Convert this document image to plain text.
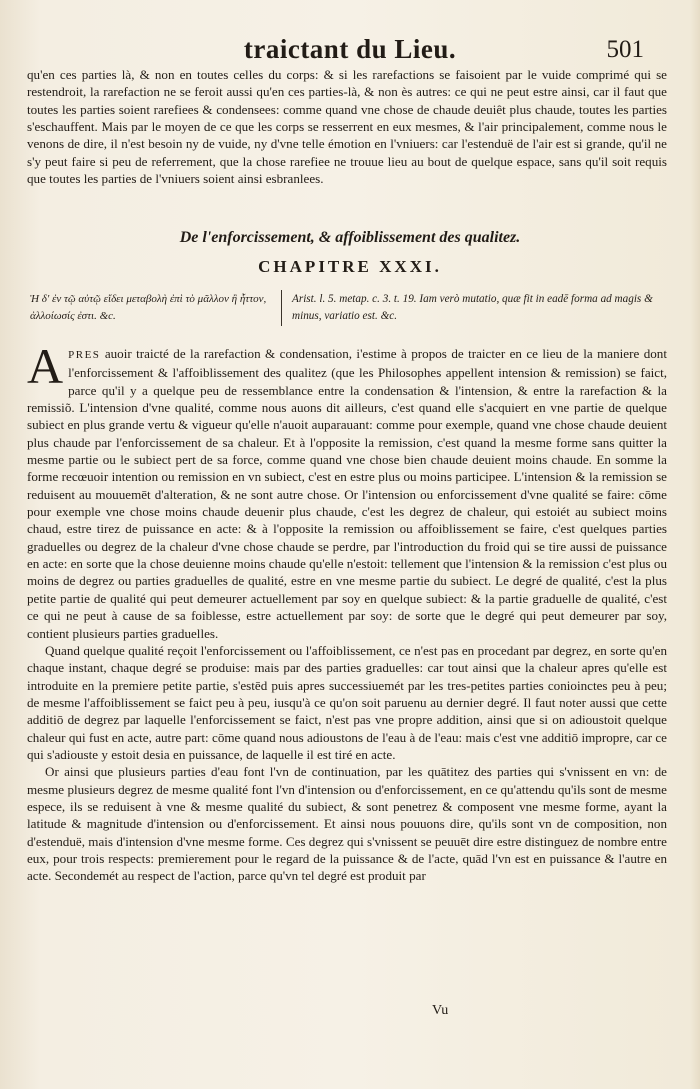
traictant du Lieu.	501

qu'en ces parties là, & non en toutes celles du corps: & si les rarefactions se faisoient par le vuide comprimé qui se restendroit, la rarefaction ne se feroit aussi qu'en ces parties-là, & non ès autres: ce qui ne peut estre ainsi, car il faut que toutes les parties soient rarefiees & condensees: comme quand vne chose de chaude deuiêt plus chaude, toutes les parties s'eschauffent. Mais par le moyen de ce que les corps se resserrent en eux mesmes, & l'air principalement, comme nous le venons de dire, il n'est besoin ny de vuide, ny d'vne telle émotion en l'vniuers: car l'estenduë de l'air est si grande, qu'il ne s'y peut faire si peu de referrement, que la chose rarefiee ne trouue lieu au bout de quelque espace, sans qu'il soit requis que toutes les parties de l'vniuers soient ainsi esbranlees.

De l'enforcissement, & affoiblissement des qualitez.
CHAPITRE XXXI.
Ἡ δ' ἐν τῷ αὐτῷ εἴδει μεταβολὴ ἐπὶ τὸ μᾶλλον ἢ ἧττον, ἀλλοίωσίς ἐστι. &c.
Arist. l. 5. metap. c. 3. t. 19. Iam verò mutatio, quæ fit in eadē forma ad magis & minus, variatio est. &c.

APRES auoir traicté de la rarefaction & condensation, i'estime à propos de traicter en ce lieu de la maniere dont l'enforcissement & l'affoiblissement des qualitez (que les Philosophes appellent intension & remission) se faict, parce qu'il y a quelque peu de ressemblance entre la condensation & l'intension, & entre la rarefaction & la remissiõ. L'intension d'vne qualité, comme nous auons dit ailleurs, c'est quand elle s'acquiert en vne partie de quelque subiect en plus grande vertu & vigueur qu'elle n'auoit auparauant: comme pour exemple, quand vne chose chaude deuient plus chaude par l'enforcissement de sa chaleur. Et à l'opposite la remission, c'est quand la mesme forme sans quitter la mesme partie ou le subiect pert de sa force, comme quand vne chose bien chaude deuient moins chaude. En somme la forme recœuoir intention ou remission en vn subiect, c'est en estre plus ou moins participee. L'intension & la remission se reduisent au mouuemēt d'alteration, & ne sont autre chose. Or l'intension ou enforcissement d'vne qualité se faire: cōme pour exemple vne chose moins chaude deuenir plus chaude, c'est les degrez de chaleur, qui estoiét au subiect moins chaud, estre tirez de puissance en acte: & à l'opposite la remission ou affoiblissement se faire, c'est quelques parties graduelles ou degrez de la chaleur d'vne chose chaude se perdre, par l'introduction du froid qui se tire aussi de puissance en acte: en sorte que la chose deuienne moins chaude qu'elle n'estoit: tellement que l'intension & la remission c'est plus ou moins de degrez ou parties graduelles de qualité, estre en vne mesme partie du subiect. Le degré de qualité, c'est la plus petite partie de qualité qui peut demeurer actuellement par soy en quelque subiect: & la partie graduelle de qualité, c'est ce qui ne peut à cause de sa foiblesse, estre actuellement par soy: de sorte que le degré qui peut demeurer par soy, contient plusieurs parties graduelles.

Quand quelque qualité reçoit l'enforcissement ou l'affoiblissement, ce n'est pas en procedant par degrez, en sorte qu'en chaque instant, chaque degré se produise: mais par des parties graduelles: car tout ainsi que la chaleur apres qu'elle est introduite en la premiere petite partie, s'estēd puis apres successiuemét par les tres-petites parties conioinctes peu à peu; de mesme l'affoiblissement se faict peu à peu, iusqu'à ce qu'on soit paruenu au dernier degré. Il faut noter aussi que cette additiō de degrez par laquelle l'enforcissement se faict, n'est pas vne propre addition, ainsi que si on adioustoit quelque chaleur qui fust en acte, autre part: cōme quand nous adioustons de l'eau à de l'eau: mais c'est vne additiō impropre, car ce qui s'adiouste y estoit desia en puissance, de laquelle il est tiré en acte.

Or ainsi que plusieurs parties d'eau font l'vn de continuation, par les quātitez des parties qui s'vnissent en vn: de mesme plusieurs degrez de mesme qualité font l'vn d'intension ou d'enforcissement, en ce qu'attendu qu'ils sont de mesme espece, ils se reduisent à vne & mesme qualité du subiect, & sont penetrez & composent vne mesme forme, ayant la latitude & magnitude d'intension ou d'enforcissement. Et ainsi nous pouuons dire, qu'ils sont vn de composition, non d'estenduë, mais d'intension d'vne mesme forme. Ces degrez qui s'vnissent se peuuēt dire estre distinguez de nombre entre eux, pour trois respects: premierement pour le regard de la puissance & de l'acte, quād l'vn est en puissance & l'autre en acte. Secondemét au respect de l'action, parce qu'vn tel degré est produit par

Vu
